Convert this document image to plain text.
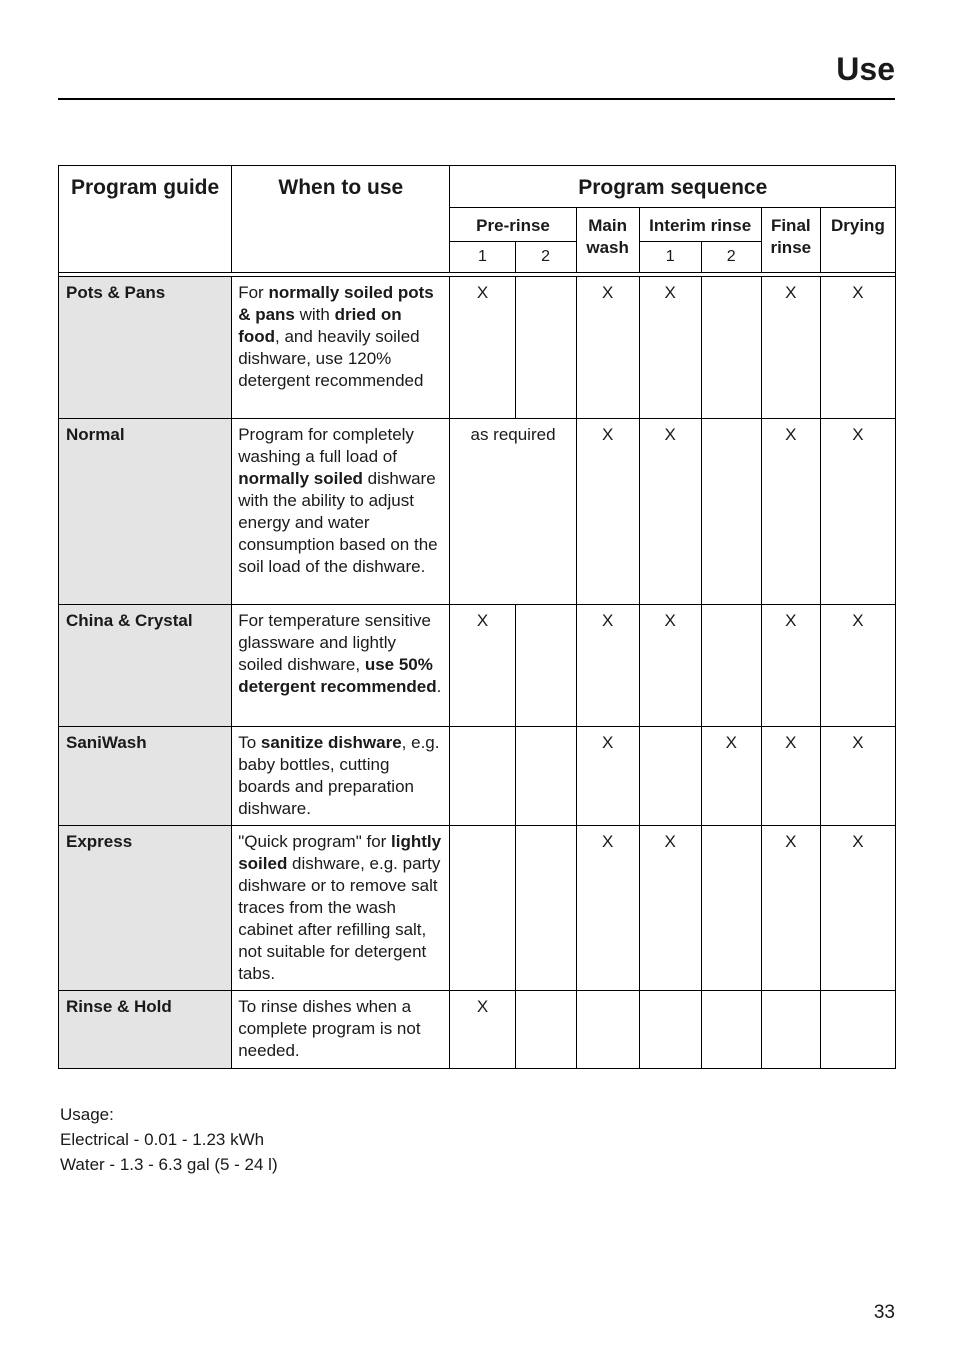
Use
Program guide	When to use	Program sequence						
		Pre-rinse		Main wash	Interim rinse		Final rinse	Drying
		1	2		1	2		

Pots & Pans	For normally soiled pots & pans with dried on food, and heavily soiled dishware, use 120% detergent recommended	X		X	X		X	X
Normal	Program for completely washing a full load of normally soiled dishware with the ability to adjust energy and water consumption based on the soil load of the dishware.	as required		X	X		X	X
China & Crystal	For temperature sensitive glassware and lightly soiled dishware, use 50% detergent recommended.	X		X	X		X	X
SaniWash	To sanitize dishware, e.g. baby bottles, cutting boards and preparation dishware.			X		X	X	X
Express	"Quick program" for lightly soiled dishware, e.g. party dishware or to remove salt traces from the wash cabinet after refilling salt, not suitable for detergent tabs.			X	X		X	X
Rinse & Hold	To rinse dishes when a complete program is not needed.	X						
Usage:
Electrical - 0.01 - 1.23 kWh
Water - 1.3 - 6.3 gal (5 - 24 l)
33
